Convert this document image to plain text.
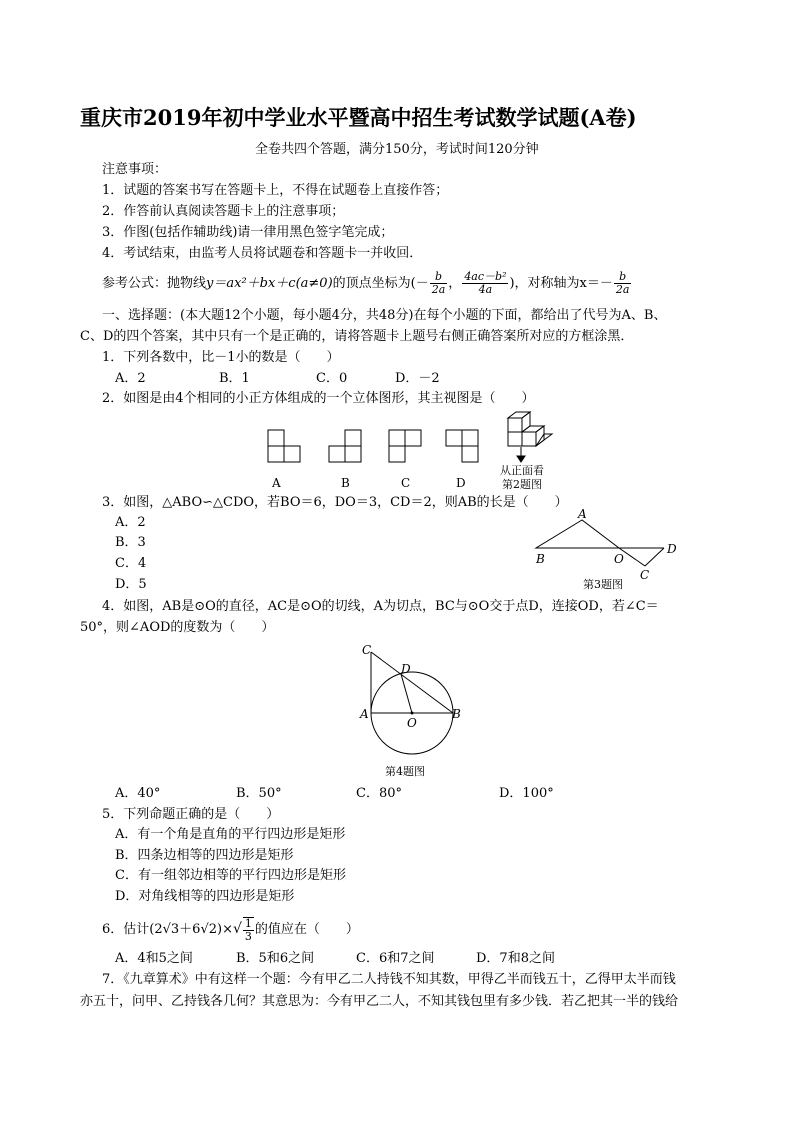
重庆市2019年初中学业水平暨高中招生考试数学试题(A卷)
全卷共四个答题，满分150分，考试时间120分钟
注意事项：
1．试题的答案书写在答题卡上，不得在试题卷上直接作答；
2．作答前认真阅读答题卡上的注意事项；
3．作图(包括作辅助线)请一律用黑色签字笔完成；
4．考试结束，由监考人员将试题卷和答题卡一并收回．
参考公式：抛物线y＝ax²＋bx＋c(a≠0)的顶点坐标为(－ $\frac{b}{2a}$ ， $\frac{\text{4ac－b²}}{4a}$ )，对称轴为$x=- \frac{b}{2a}$
一、选择题：(本大题12个小题，每小题4分，共48分)在每个小题的下面，都给出了代号为A、B、
C、D的四个答案，其中只有一个是正确的，请将答题卡上题号右侧正确答案所对应的方框涂黑．
1．下列各数中，比－1小的数是（　　）
A．2	B．1	C．0	D．－2
2．如图是由4个相同的小正方体组成的一个立体图形，其主视图是（　　）
A	B	C	D
从正面看
第2题图
A
B	O
D
C
第3题图
C
D
A
O
B
第4题图
3．如图，△ABO∽△CDO，若BO＝6，DO＝3，CD＝2，则AB的长是（　　）
A．2
B．3
C．4
D．5
4．如图，AB是⊙O的直径，AC是⊙O的切线，A为切点，BC与⊙O交于点D，连接OD，若∠C＝
50°，则∠AOD的度数为（　　）
A．40°	B．50°	C．80°	D．100°
5．下列命题正确的是（　　）
A．有一个角是直角的平行四边形是矩形
B．四条边相等的四边形是矩形
C．有一组邻边相等的平行四边形是矩形
D．对角线相等的四边形是矩形
6．估计$(2√3+6√2)\times√ \frac{1}{3}$ 的值应在（　　）
A．4和5之间	B．5和6之间	C．6和7之间	D．7和8之间
7．《九章算术》中有这样一个题：今有甲乙二人持钱不知其数，甲得乙半而钱五十，乙得甲太半而钱
亦五十，问甲、乙持钱各几何？其意思为：今有甲乙二人，不知其钱包里有多少钱．若乙把其一半的钱给
